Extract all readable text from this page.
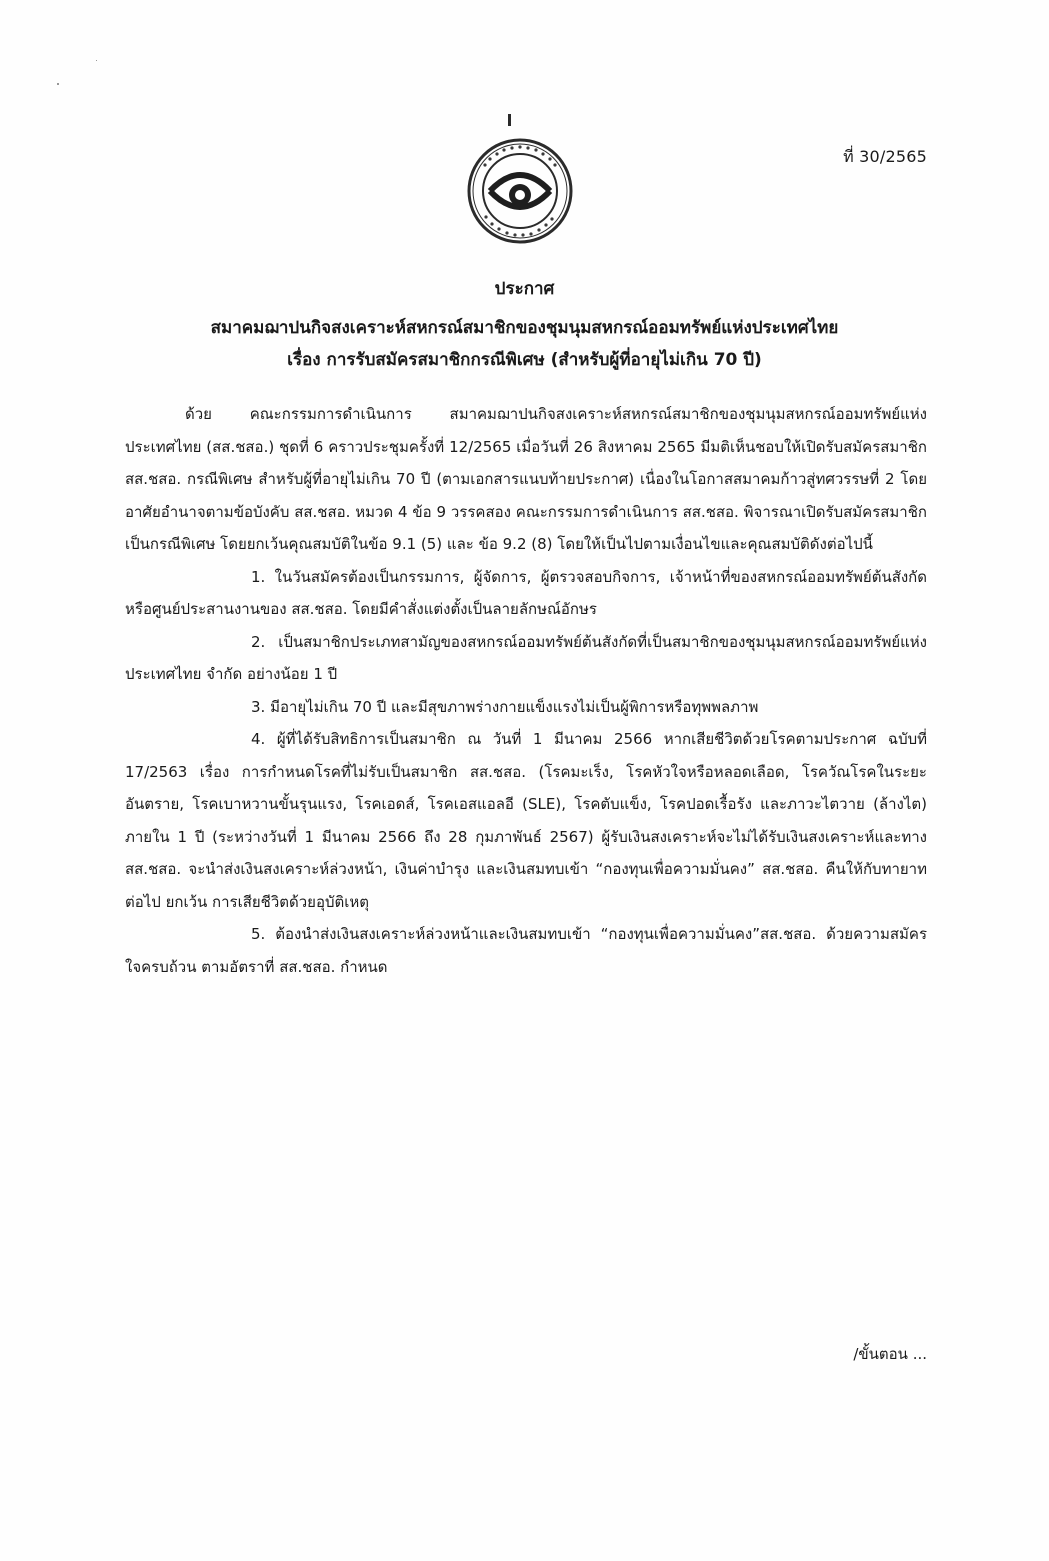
ที่ 30/2565
ประกาศ
สมาคมฌาปนกิจสงเคราะห์สหกรณ์สมาชิกของชุมนุมสหกรณ์ออมทรัพย์แห่งประเทศไทย
เรื่อง การรับสมัครสมาชิกกรณีพิเศษ (สำหรับผู้ที่อายุไม่เกิน 70 ปี)

ด้วย คณะกรรมการดำเนินการ สมาคมฌาปนกิจสงเคราะห์สหกรณ์สมาชิกของชุมนุมสหกรณ์ออมทรัพย์แห่งประเทศไทย (สส.ชสอ.) ชุดที่ 6 คราวประชุมครั้งที่ 12/2565 เมื่อวันที่ 26 สิงหาคม 2565 มีมติเห็นชอบให้เปิดรับสมัครสมาชิก สส.ชสอ. กรณีพิเศษ สำหรับผู้ที่อายุไม่เกิน 70 ปี (ตามเอกสารแนบท้ายประกาศ) เนื่องในโอกาสสมาคมก้าวสู่ทศวรรษที่ 2 โดยอาศัยอำนาจตามข้อบังคับ สส.ชสอ. หมวด 4 ข้อ 9 วรรคสอง คณะกรรมการดำเนินการ สส.ชสอ. พิจารณาเปิดรับสมัครสมาชิกเป็นกรณีพิเศษ โดยยกเว้นคุณสมบัติในข้อ 9.1 (5) และ ข้อ 9.2 (8) โดยให้เป็นไปตามเงื่อนไขและคุณสมบัติดังต่อไปนี้

1. ในวันสมัครต้องเป็นกรรมการ, ผู้จัดการ, ผู้ตรวจสอบกิจการ, เจ้าหน้าที่ของสหกรณ์ออมทรัพย์ต้นสังกัดหรือศูนย์ประสานงานของ สส.ชสอ. โดยมีคำสั่งแต่งตั้งเป็นลายลักษณ์อักษร

2. เป็นสมาชิกประเภทสามัญของสหกรณ์ออมทรัพย์ต้นสังกัดที่เป็นสมาชิกของชุมนุมสหกรณ์ออมทรัพย์แห่งประเทศไทย จำกัด อย่างน้อย 1 ปี

3. มีอายุไม่เกิน 70 ปี และมีสุขภาพร่างกายแข็งแรงไม่เป็นผู้พิการหรือทุพพลภาพ

4. ผู้ที่ได้รับสิทธิการเป็นสมาชิก ณ วันที่ 1 มีนาคม 2566 หากเสียชีวิตด้วยโรคตามประกาศ ฉบับที่ 17/2563 เรื่อง การกำหนดโรคที่ไม่รับเป็นสมาชิก สส.ชสอ. (โรคมะเร็ง, โรคหัวใจหรือหลอดเลือด, โรควัณโรคในระยะอันตราย, โรคเบาหวานขั้นรุนแรง, โรคเอดส์, โรคเอสแอลอี (SLE), โรคตับแข็ง, โรคปอดเรื้อรัง และภาวะไตวาย (ล้างไต) ภายใน 1 ปี (ระหว่างวันที่ 1 มีนาคม 2566 ถึง 28 กุมภาพันธ์ 2567) ผู้รับเงินสงเคราะห์จะไม่ได้รับเงินสงเคราะห์และทาง สส.ชสอ. จะนำส่งเงินสงเคราะห์ล่วงหน้า, เงินค่าบำรุง และเงินสมทบเข้า “กองทุนเพื่อความมั่นคง” สส.ชสอ. คืนให้กับทายาทต่อไป ยกเว้น การเสียชีวิตด้วยอุบัติเหตุ

5. ต้องนำส่งเงินสงเคราะห์ล่วงหน้าและเงินสมทบเข้า “กองทุนเพื่อความมั่นคง”สส.ชสอ. ด้วยความสมัครใจครบถ้วน ตามอัตราที่ สส.ชสอ. กำหนด

/ขั้นตอน ...
